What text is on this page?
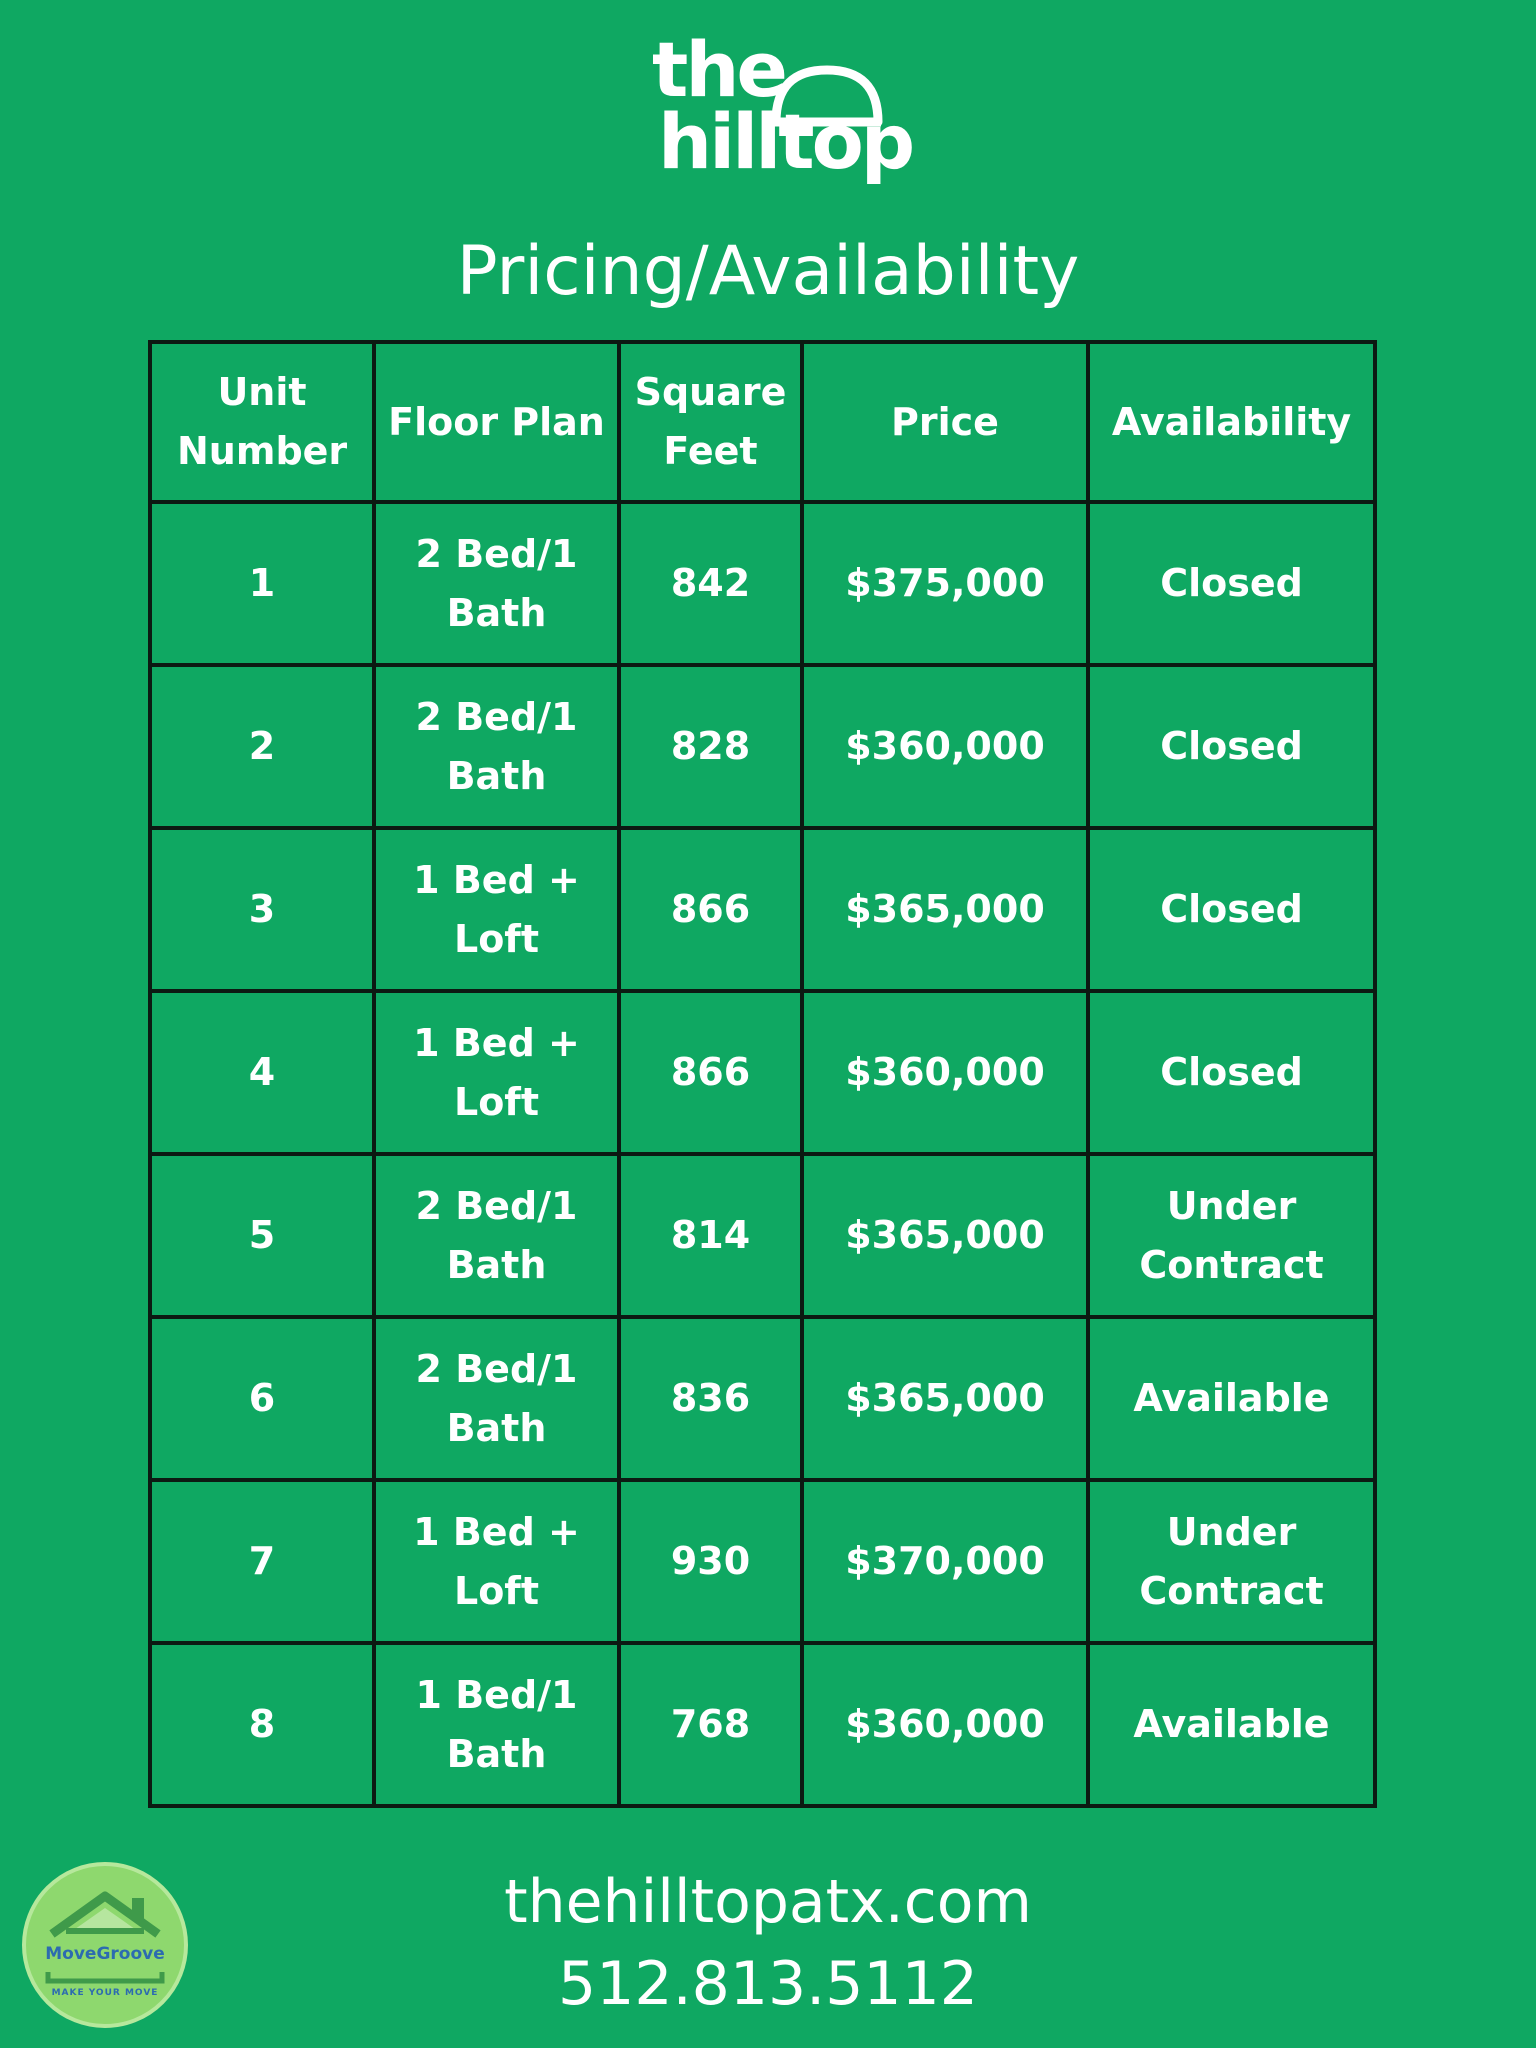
the
hilltop
Pricing/Availability
Unit Number	Floor Plan	Square Feet	Price	Availability
1	2 Bed/1 Bath	842	$375,000	Closed
2	2 Bed/1 Bath	828	$360,000	Closed
3	1 Bed + Loft	866	$365,000	Closed
4	1 Bed + Loft	866	$360,000	Closed
5	2 Bed/1 Bath	814	$365,000	Under Contract
6	2 Bed/1 Bath	836	$365,000	Available
7	1 Bed + Loft	930	$370,000	Under Contract
8	1 Bed/1 Bath	768	$360,000	Available
thehilltopatx.com
512.813.5112
MoveGroove
MAKE YOUR MOVE
